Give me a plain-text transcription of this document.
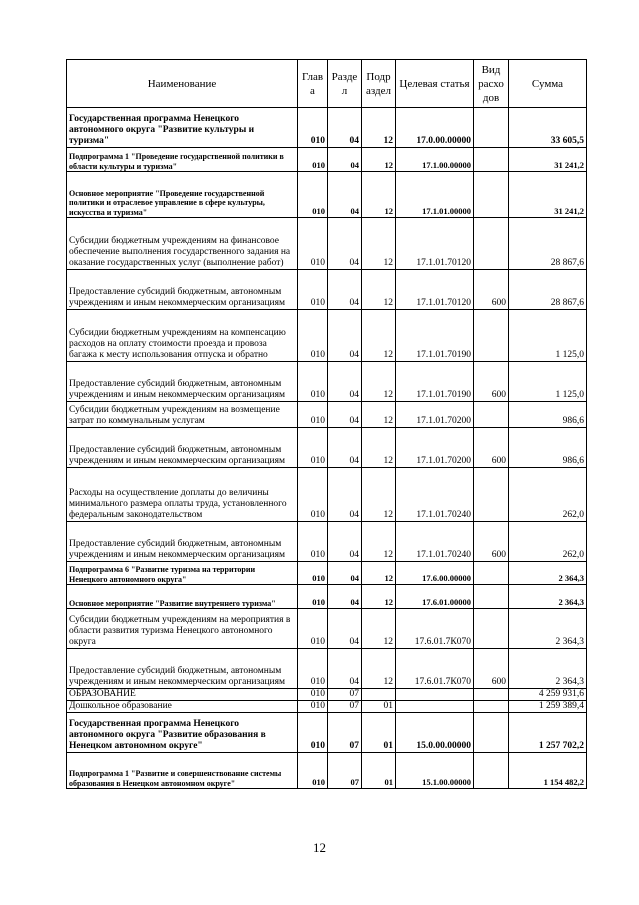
Наименование	Глав а	Разде л	Подр аздел	Целевая статья	Вид расхо дов	Сумма
Государственная программа Ненецкого автономного округа "Развитие культуры и туризма"	010	04	12	17.0.00.00000		33 605,5
Подпрограмма 1 "Проведение государственной политики в области культуры и туризма"	010	04	12	17.1.00.00000		31 241,2
Основное мероприятие "Проведение государственной политики и отраслевое управление в сфере культуры, искусства и туризма"	010	04	12	17.1.01.00000		31 241,2
Субсидии бюджетным учреждениям на финансовое обеспечение выполнения государственного задания на оказание государственных услуг (выполнение работ)	010	04	12	17.1.01.70120		28 867,6
Предоставление субсидий бюджетным, автономным учреждениям и иным некоммерческим организациям	010	04	12	17.1.01.70120	600	28 867,6
Субсидии бюджетным учреждениям на компенсацию расходов на оплату стоимости проезда и провоза багажа к месту использования отпуска и обратно	010	04	12	17.1.01.70190		1 125,0
Предоставление субсидий бюджетным, автономным учреждениям и иным некоммерческим организациям	010	04	12	17.1.01.70190	600	1 125,0
Субсидии бюджетным учреждениям на возмещение затрат по коммунальным услугам	010	04	12	17.1.01.70200		986,6
Предоставление субсидий бюджетным, автономным учреждениям и иным некоммерческим организациям	010	04	12	17.1.01.70200	600	986,6
Расходы на осуществление доплаты до величины минимального размера оплаты труда, установленного федеральным законодательством	010	04	12	17.1.01.70240		262,0
Предоставление субсидий бюджетным, автономным учреждениям и иным некоммерческим организациям	010	04	12	17.1.01.70240	600	262,0
Подпрограмма 6 "Развитие туризма на территории Ненецкого автономного округа"	010	04	12	17.6.00.00000		2 364,3
Основное мероприятие "Развитие внутреннего туризма"	010	04	12	17.6.01.00000		2 364,3
Субсидии бюджетным учреждениям на мероприятия в области развития туризма Ненецкого автономного округа	010	04	12	17.6.01.7К070		2 364,3
Предоставление субсидий бюджетным, автономным учреждениям и иным некоммерческим организациям	010	04	12	17.6.01.7К070	600	2 364,3
ОБРАЗОВАНИЕ	010	07				4 259 931,6
Дошкольное образование	010	07	01			1 259 389,4
Государственная программа Ненецкого автономного округа "Развитие образования в Ненецком автономном округе"	010	07	01	15.0.00.00000		1 257 702,2
Подпрограмма 1 "Развитие и совершенствование системы образования в Ненецком автономном округе"	010	07	01	15.1.00.00000		1 154 482,2
12
